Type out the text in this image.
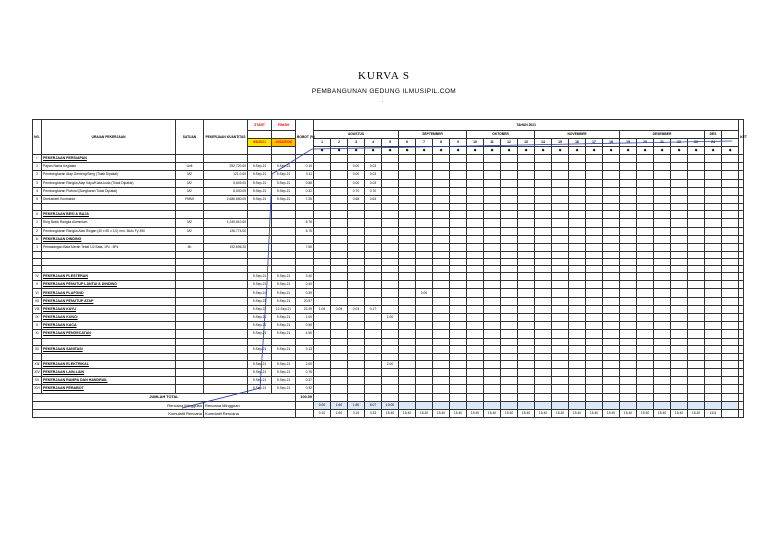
KURVA S
PEMBANGUNAN GEDUNG ILMUSIPIL.COM
.
NO.	URAIAN PEKERJAAN	SATUAN	PEKERJAAN KUANTITAS	START	FINISH	BOBOT (%)	TAHUN 2021																									KET
							AGUSTUS					SEPTEMBER				OKTOBER				NOVEMBER					DESEMBER					DES		
				8/8/2021	12/12/2026		1	2	3	4	5	6	7	8	9	10	11	12	13	14	15	16	17	18	19	20	21	22	23	24		
							◆	◆	◆	◆	◆	◆	◆	◆	◆	◆	◆	◆	◆	◆	◆	◆	◆	◆	◆	◆	◆	◆	◆	◆	◆	
I	PEKERJAAN PERSIAPAN																															
1	Papan Nama Kegiatan	Unit	292,720.00	9-Sep-21	9-Sep-21	0.10			0.00	0.03																						
2	Pembongkaran Atap Genteng/Seng (Tidak Dipakai)	M2	121.0.00	9-Sep-21	9-Sep-21	0.11			0.00	0.03																						
3	Pembongkaran Rangka Atap Kayu/Kuda-kuda (Tidak Dipakai)	M2	5,649.00	9-Sep-21	9-Sep-21	0.88			0.00	0.03																						
4	Pembongkaran Plafond (Bongkaran Tidak Dipakai)	M2	8,000.00	9-Sep-21	9-Sep-21	0.32			0.70	0.70																						
5	Direksikeet Kontraktor	PMMI	2,686,650.00	9-Sep-21	9-Sep-21	7.26			0.68	0.63																						

II	PEKERJAAN BESI & BAJA																															
1	Ring Balok Rangka Aluminium	M2	1,249,610.00			6.76																										
2	Pembongkaran Rangka Atas Ringan (40 x 80 x 3,0) mm, Mutu Fy 350	M2	126,774.00			6.75																										
III	PEKERJAAN DINDING																															
1	Pemasangan Bata Merah Tebal 1/2 Bata, 1Pc : 5Ps	M²	192,696.20			7.50																										

IV	PEKERJAAN PLESTERAN			9-Sep-21	9-Sep-21	3.40																										
V	PEKERJAAN PENUTUP LANTAI & DINDING			9-Sep-21	9-Sep-21	0.40																										
VI	PEKERJAAN PLAFOND			9-Sep-21	9-Sep-21	0.39							0.00																			
VII	PEKERJAAN PENUTUP ATAP			9-Sep-21	9-Sep-21	20.57																										
VIII	PEKERJAAN KAYU			9-Sep-21	12-Sep-21	22.49	1.05	0.05	0.03	0.17																						
IX	PEKERJAAN KUNCI			9-Sep-21	9-Sep-21	1.00					1.00																					
X	PEKERJAAN KACA			9-Sep-21	9-Sep-21	0.50																										
XI	PEKERJAAN PENGECATAN			9-Sep-21	9-Sep-21	4.50																										

XII	PEKERJAAN SANITASI			9-Sep-21	9-Sep-21	3.13																										

XIII	PEKERJAAN ELEKTRIKAL			9-Sep-21	9-Sep-21	2.00					2.00																					
XIV	PEKERJAAN LAIN-LAIN			9-Sep-21	9-Sep-21	0.76																										
XV	PEKERJAAN RAMPA DAN HANDRAIL			9-Sep-21	9-Sep-21	0.37																										
XVI	PEKERJAAN PERABOT			9-Sep-21	9-Sep-21	0.32																										
JUMLAH TOTAL						100.00																										
Rencana Mingguan			Rencana Mingguan				0.00	1.60	1.80	8.07	10.00																					
Kumulatif Rencana			Kumulatif Rencana				0.10	1.60	3.15	3.33	15.40	15.40	15.40	15.40	15.40	15.40	15.40	15.40	15.40	15.40	15.40	15.40	15.40	15.40	15.40	15.40	15.40	15.40	15.40	15.5		
